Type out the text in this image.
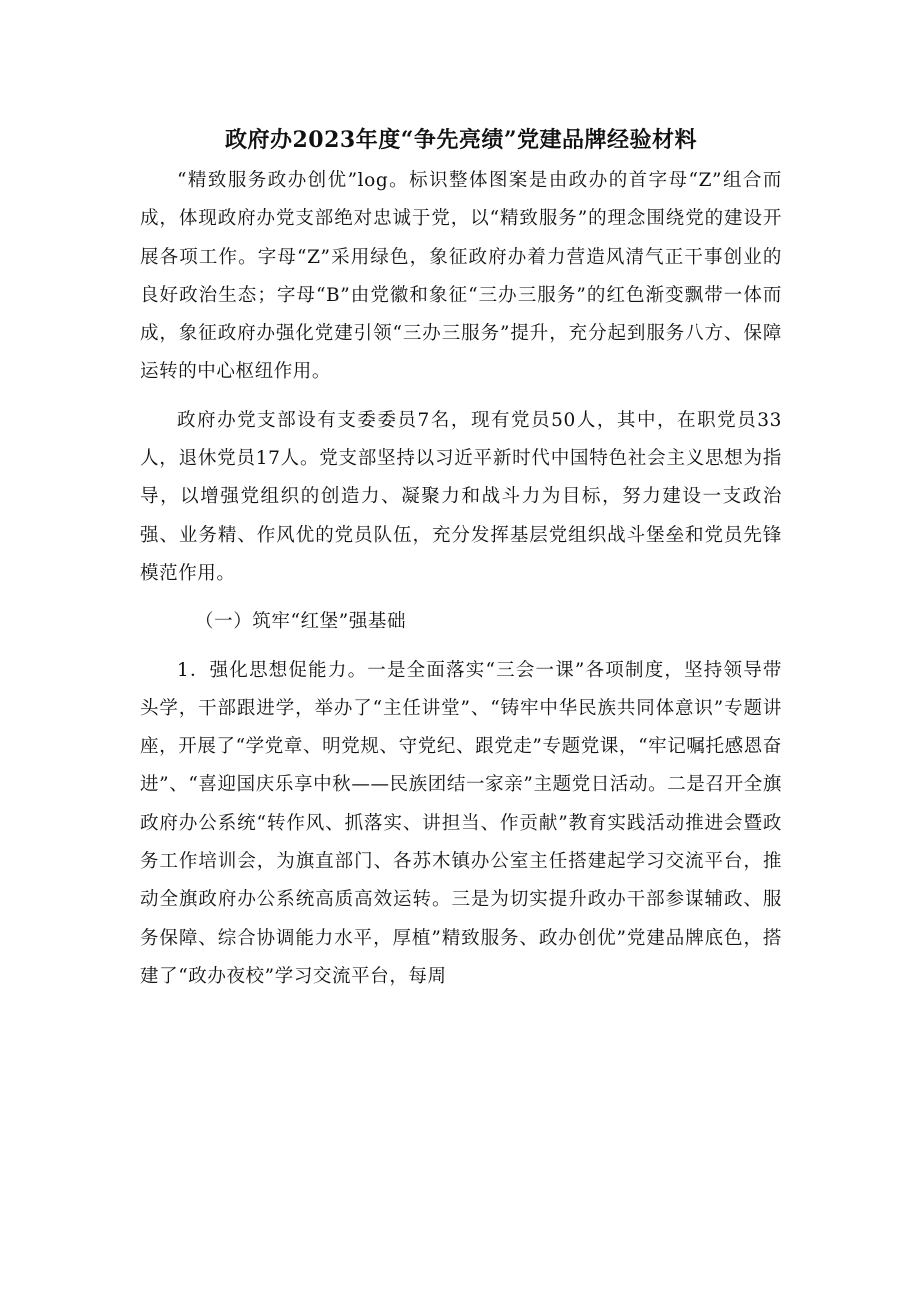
政府办2023年度“争先亮绩”党建品牌经验材料

“精致服务政办创优”log。标识整体图案是由政办的首字母“Z”组合而成，体现政府办党支部绝对忠诚于党，以“精致服务”的理念围绕党的建设开展各项工作。字母“Z”采用绿色，象征政府办着力营造风清气正干事创业的良好政治生态；字母“B”由党徽和象征“三办三服务”的红色渐变飘带一体而成，象征政府办强化党建引领“三办三服务”提升，充分起到服务八方、保障运转的中心枢纽作用。

政府办党支部设有支委委员7名，现有党员50人，其中，在职党员33人，退休党员17人。党支部坚持以习近平新时代中国特色社会主义思想为指导，以增强党组织的创造力、凝聚力和战斗力为目标，努力建设一支政治强、业务精、作风优的党员队伍，充分发挥基层党组织战斗堡垒和党员先锋模范作用。

（一）筑牢“红堡”强基础

1．强化思想促能力。一是全面落实“三会一课”各项制度，坚持领导带头学，干部跟进学，举办了“主任讲堂”、“铸牢中华民族共同体意识”专题讲座，开展了“学党章、明党规、守党纪、跟党走”专题党课，“牢记嘱托感恩奋进”、“喜迎国庆乐享中秋——民族团结一家亲”主题党日活动。二是召开全旗政府办公系统“转作风、抓落实、讲担当、作贡献”教育实践活动推进会暨政务工作培训会，为旗直部门、各苏木镇办公室主任搭建起学习交流平台，推动全旗政府办公系统高质高效运转。三是为切实提升政办干部参谋辅政、服务保障、综合协调能力水平，厚植”精致服务、政办创优”党建品牌底色，搭建了“政办夜校”学习交流平台，每周
